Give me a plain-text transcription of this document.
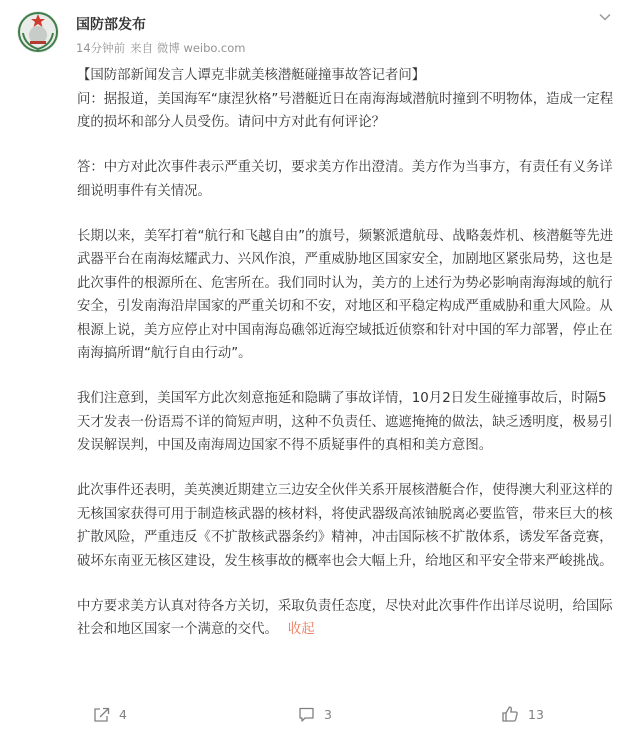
国防部发布
14分钟前 来自 微博 weibo.com

【国防部新闻发言人谭克非就美核潜艇碰撞事故答记者问】

问：据报道，美国海军“康涅狄格”号潜艇近日在南海海域潜航时撞到不明物体，造成一定程度的损坏和部分人员受伤。请问中方对此有何评论？

答：中方对此次事件表示严重关切，要求美方作出澄清。美方作为当事方，有责任有义务详细说明事件有关情况。

长期以来，美军打着“航行和飞越自由”的旗号，频繁派遣航母、战略轰炸机、核潜艇等先进武器平台在南海炫耀武力、兴风作浪，严重威胁地区国家安全，加剧地区紧张局势，这也是此次事件的根源所在、危害所在。我们同时认为，美方的上述行为势必影响南海海域的航行安全，引发南海沿岸国家的严重关切和不安，对地区和平稳定构成严重威胁和重大风险。从根源上说，美方应停止对中国南海岛礁邻近海空域抵近侦察和针对中国的军力部署，停止在南海搞所谓“航行自由行动”。

我们注意到，美国军方此次刻意拖延和隐瞒了事故详情，10月2日发生碰撞事故后，时隔5天才发表一份语焉不详的简短声明，这种不负责任、遮遮掩掩的做法，缺乏透明度，极易引发误解误判，中国及南海周边国家不得不质疑事件的真相和美方意图。

此次事件还表明，美英澳近期建立三边安全伙伴关系开展核潜艇合作，使得澳大利亚这样的无核国家获得可用于制造核武器的核材料，将使武器级高浓铀脱离必要监管，带来巨大的核扩散风险，严重违反《不扩散核武器条约》精神，冲击国际核不扩散体系，诱发军备竞赛，破坏东南亚无核区建设，发生核事故的概率也会大幅上升，给地区和平安全带来严峻挑战。

中方要求美方认真对待各方关切，采取负责任态度，尽快对此次事件作出详尽说明，给国际社会和地区国家一个满意的交代。 收起

4	3	13
